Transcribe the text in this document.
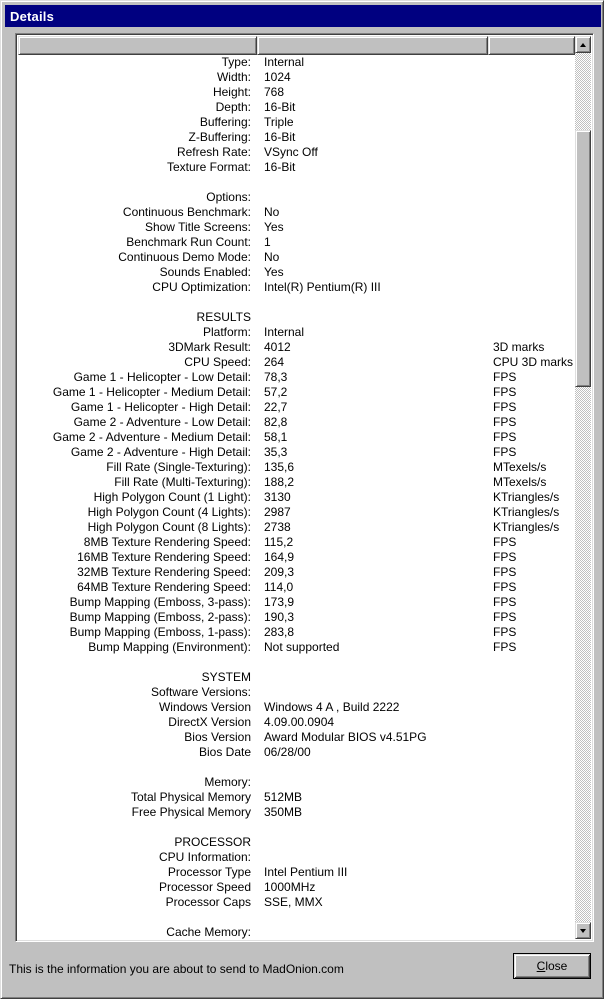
Details
Type:	Internal
Width:	1024
Height:	768
Depth:	16-Bit
Buffering:	Triple
Z-Buffering:	16-Bit
Refresh Rate:	VSync Off
Texture Format:	16-Bit
Options:
Continuous Benchmark:	No
Show Title Screens:	Yes
Benchmark Run Count:	1
Continuous Demo Mode:	No
Sounds Enabled:	Yes
CPU Optimization:	Intel(R) Pentium(R) III
RESULTS
Platform:	Internal
3DMark Result:	4012	3D marks
CPU Speed:	264	CPU 3D marks
Game 1 - Helicopter - Low Detail:	78,3	FPS
Game 1 - Helicopter - Medium Detail:	57,2	FPS
Game 1 - Helicopter - High Detail:	22,7	FPS
Game 2 - Adventure - Low Detail:	82,8	FPS
Game 2 - Adventure - Medium Detail:	58,1	FPS
Game 2 - Adventure - High Detail:	35,3	FPS
Fill Rate (Single-Texturing):	135,6	MTexels/s
Fill Rate (Multi-Texturing):	188,2	MTexels/s
High Polygon Count (1 Light):	3130	KTriangles/s
High Polygon Count (4 Lights):	2987	KTriangles/s
High Polygon Count (8 Lights):	2738	KTriangles/s
8MB Texture Rendering Speed:	115,2	FPS
16MB Texture Rendering Speed:	164,9	FPS
32MB Texture Rendering Speed:	209,3	FPS
64MB Texture Rendering Speed:	114,0	FPS
Bump Mapping (Emboss, 3-pass):	173,9	FPS
Bump Mapping (Emboss, 2-pass):	190,3	FPS
Bump Mapping (Emboss, 1-pass):	283,8	FPS
Bump Mapping (Environment):	Not supported	FPS
SYSTEM
Software Versions:
Windows Version	Windows 4 A , Build 2222
DirectX Version	4.09.00.0904
Bios Version	Award Modular BIOS v4.51PG
Bios Date	06/28/00
Memory:
Total Physical Memory	512MB
Free Physical Memory	350MB
PROCESSOR
CPU Information:
Processor Type	Intel Pentium III
Processor Speed	1000MHz
Processor Caps	SSE, MMX
Cache Memory:
This is the information you are about to send to MadOnion.com	Close
